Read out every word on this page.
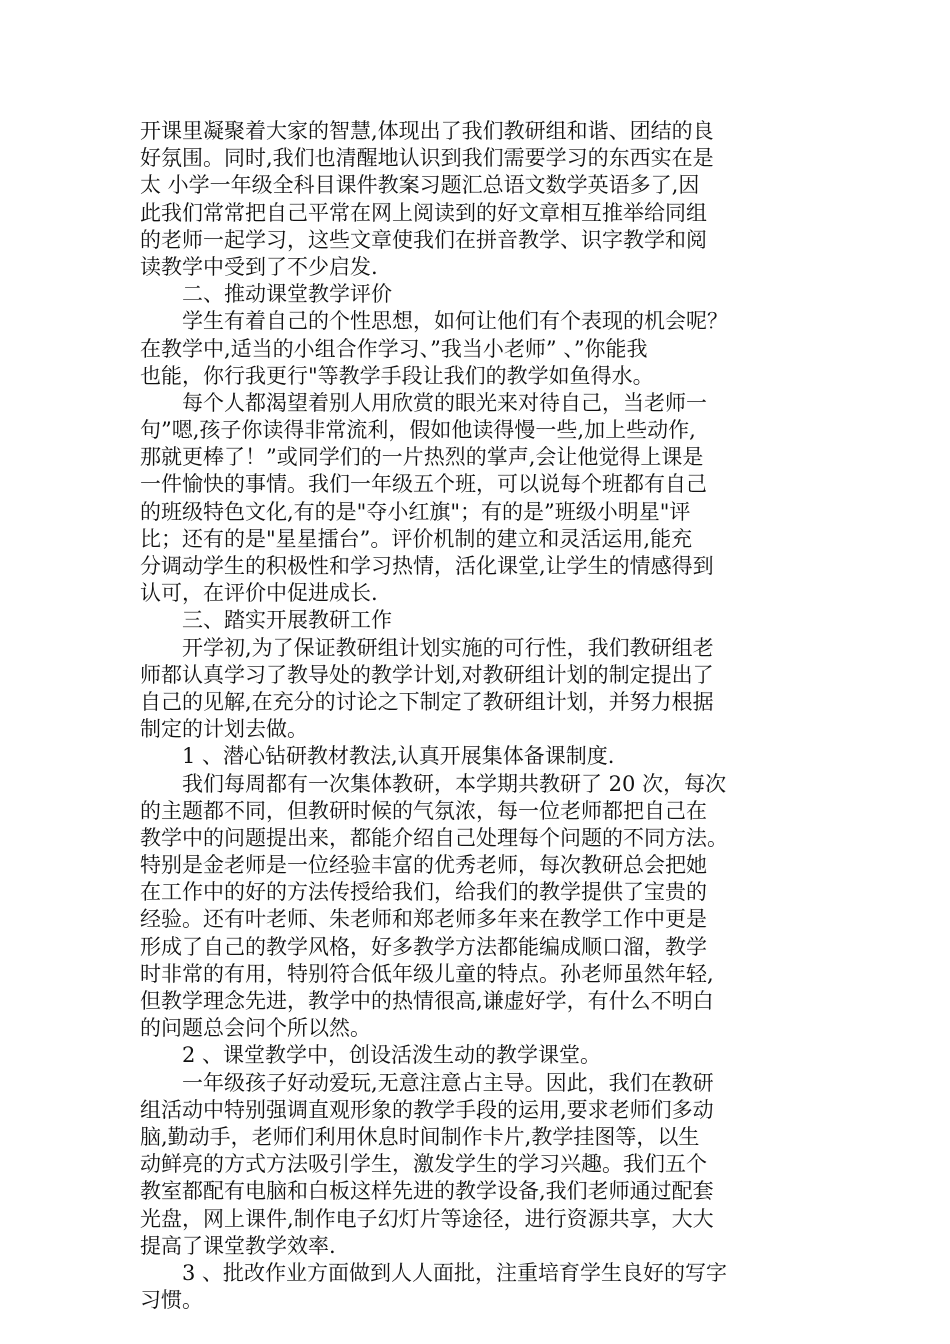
开课里凝聚着大家的智慧,体现出了我们教研组和谐、团结的良
好氛围。同时,我们也清醒地认识到我们需要学习的东西实在是
太 小学一年级全科目课件教案习题汇总语文数学英语多了,因
此我们常常把自己平常在网上阅读到的好文章相互推举给同组
的老师一起学习，这些文章使我们在拼音教学、识字教学和阅
读教学中受到了不少启发.
二、推动课堂教学评价
学生有着自己的个性思想，如何让他们有个表现的机会呢？
在教学中,适当的小组合作学习、”我当小老师” 、”你能我
也能，你行我更行"等教学手段让我们的教学如鱼得水。
每个人都渴望着别人用欣赏的眼光来对待自己，当老师一
句”嗯,孩子你读得非常流利，假如他读得慢一些,加上些动作,
那就更棒了！”或同学们的一片热烈的掌声,会让他觉得上课是
一件愉快的事情。我们一年级五个班，可以说每个班都有自己
的班级特色文化,有的是"夺小红旗"；有的是”班级小明星"评
比；还有的是"星星擂台”。评价机制的建立和灵活运用,能充
分调动学生的积极性和学习热情，活化课堂,让学生的情感得到
认可，在评价中促进成长.
三、踏实开展教研工作
开学初,为了保证教研组计划实施的可行性，我们教研组老
师都认真学习了教导处的教学计划,对教研组计划的制定提出了
自己的见解,在充分的讨论之下制定了教研组计划，并努力根据
制定的计划去做。
1 、潜心钻研教材教法,认真开展集体备课制度.
我们每周都有一次集体教研，本学期共教研了 20 次，每次
的主题都不同，但教研时候的气氛浓，每一位老师都把自己在
教学中的问题提出来，都能介绍自己处理每个问题的不同方法。
特别是金老师是一位经验丰富的优秀老师，每次教研总会把她
在工作中的好的方法传授给我们，给我们的教学提供了宝贵的
经验。还有叶老师、朱老师和郑老师多年来在教学工作中更是
形成了自己的教学风格，好多教学方法都能编成顺口溜，教学
时非常的有用，特别符合低年级儿童的特点。孙老师虽然年轻,
但教学理念先进，教学中的热情很高,谦虚好学，有什么不明白
的问题总会问个所以然。
2 、课堂教学中，创设活泼生动的教学课堂。
一年级孩子好动爱玩,无意注意占主导。因此，我们在教研
组活动中特别强调直观形象的教学手段的运用,要求老师们多动
脑,勤动手，老师们利用休息时间制作卡片,教学挂图等，以生
动鲜亮的方式方法吸引学生，激发学生的学习兴趣。我们五个
教室都配有电脑和白板这样先进的教学设备,我们老师通过配套
光盘，网上课件,制作电子幻灯片等途径，进行资源共享，大大
提高了课堂教学效率.
3 、批改作业方面做到人人面批，注重培育学生良好的写字
习惯。
